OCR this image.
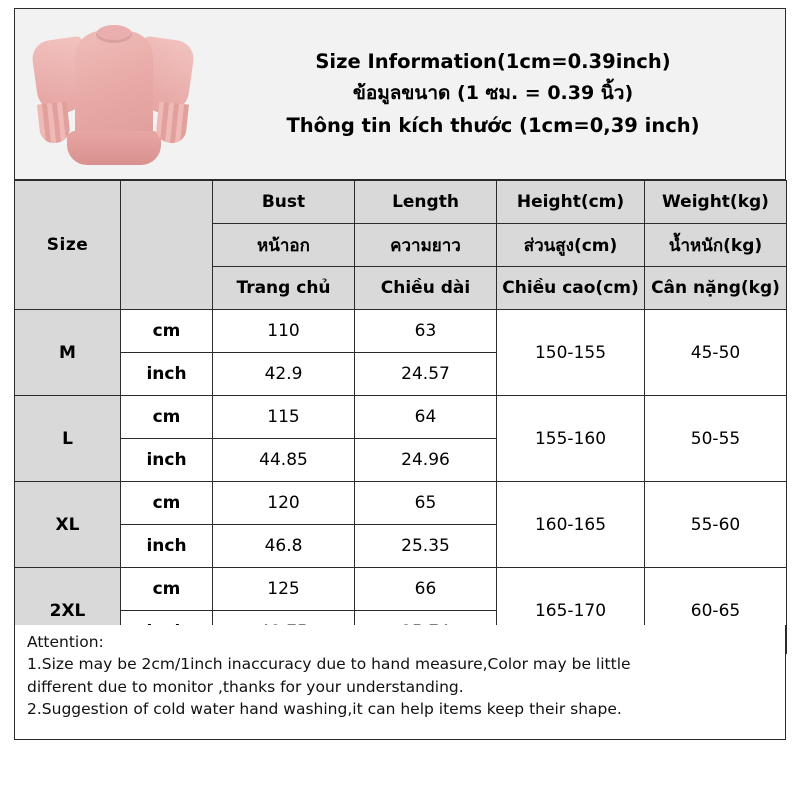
Size Information(1cm=0.39inch)
ข้อมูลขนาด (1 ซม. = 0.39 นิ้ว)
Thông tin kích thước (1cm=0,39 inch)
Size		Bust	Length	Height(cm)	Weight(kg)
		หน้าอก	ความยาว	ส่วนสูง(cm)	น้ำหนัก(kg)
		Trang chủ	Chiều dài	Chiều cao(cm)	Cân nặng(kg)
M	cm	110	63	150-155	45-50
	inch	42.9	24.57		
L	cm	115	64	155-160	50-55
	inch	44.85	24.96		
XL	cm	120	65	160-165	55-60
	inch	46.8	25.35		
2XL	cm	125	66	165-170	60-65

Attention:

1.Size may be 2cm/1inch inaccuracy due to hand measure,Color may be little

different due to monitor ,thanks for your understanding.

2.Suggestion of cold water hand washing,it can help items keep their shape.
